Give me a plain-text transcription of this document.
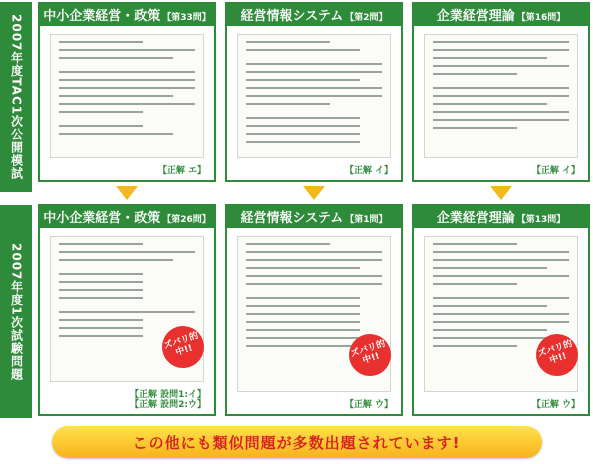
2007年度TAC1次公開模試
2007年度1次試験問題
中小企業経営・政策 【第33問】
【正解 エ】
経営情報システム 【第2問】
【正解 イ】
企業経営理論 【第16問】
【正解 イ】
中小企業経営・政策 【第26問】
ズバリ的中!!
【正解 設問1:イ】
【正解 設問2:ウ】
経営情報システム 【第1問】
ズバリ的中!!
【正解 ウ】
企業経営理論 【第13問】
ズバリ的中!!
【正解 ウ】
この他にも類似問題が多数出題されています!
